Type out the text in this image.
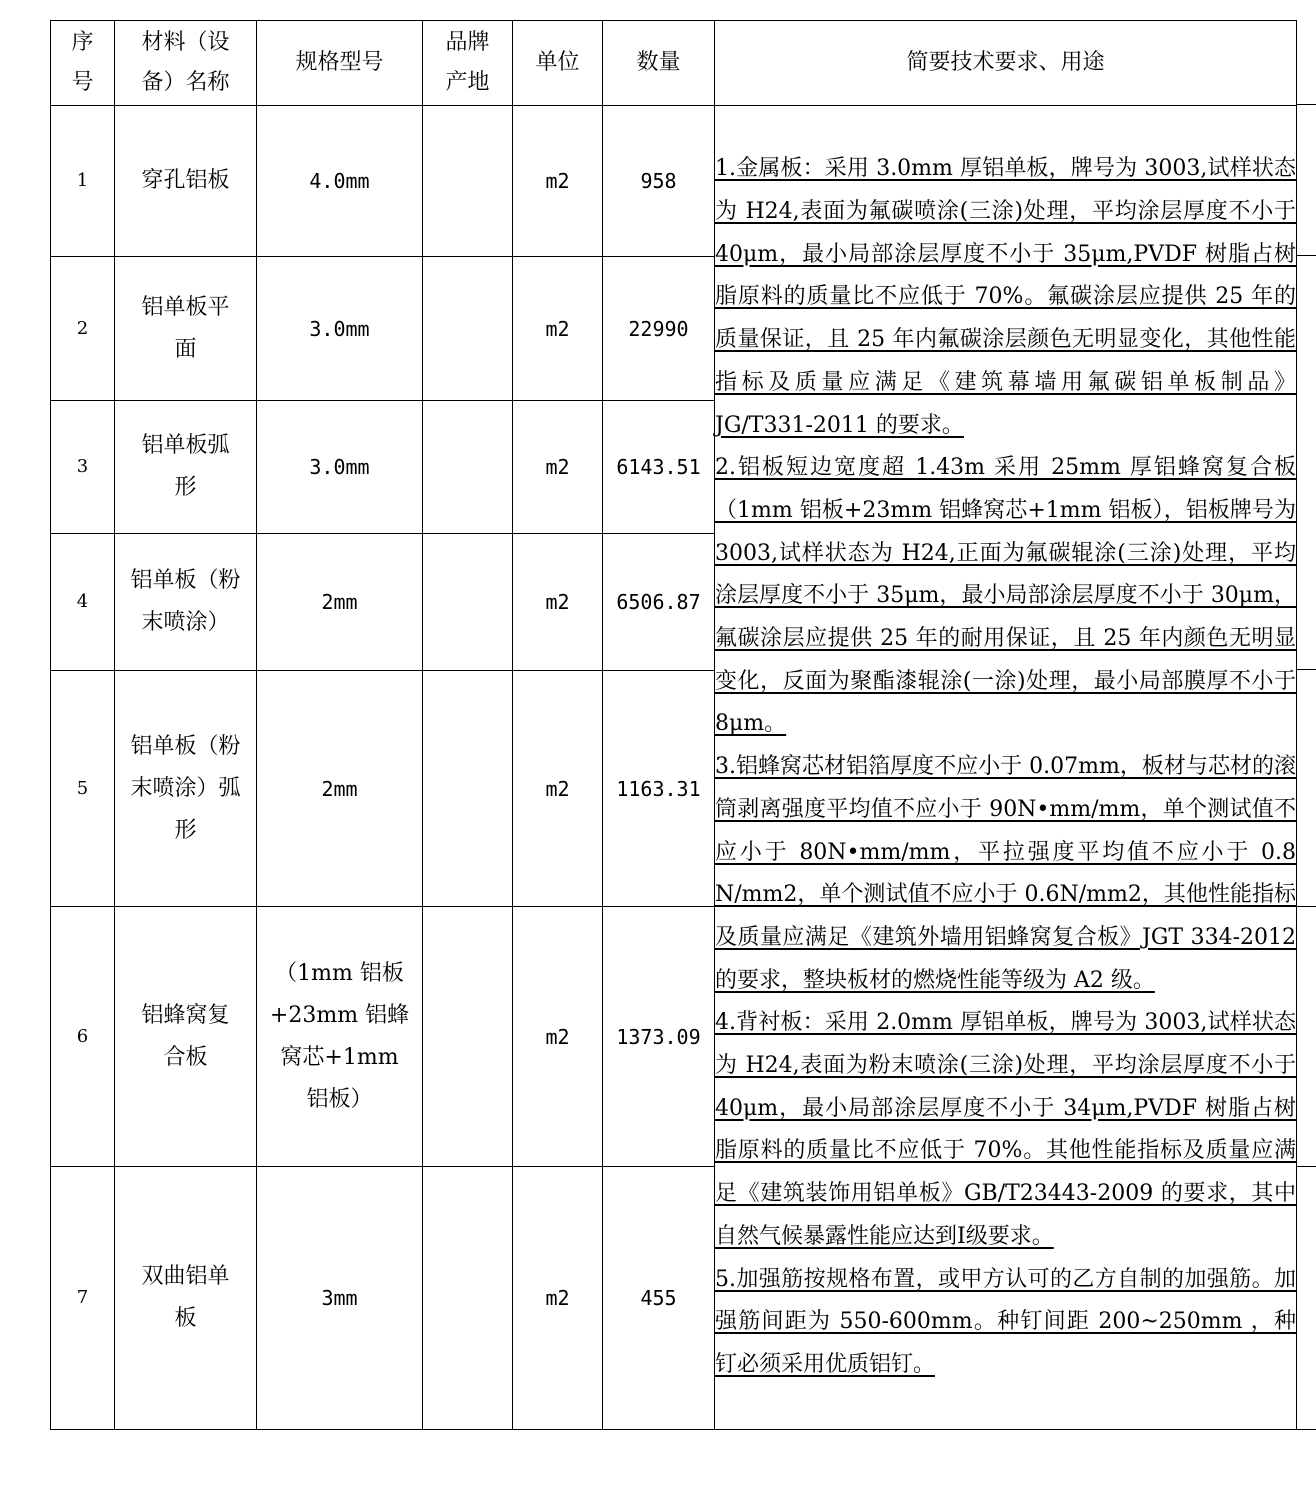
序号	材料（设备）名称	规格型号	品牌产地	单位	数量	简要技术要求、用途
1	穿孔铝板	4.0mm		m2	958	1.金属板：采用 3.0mm 厚铝单板，牌号为 3003,试样状态为 H24,表面为氟碳喷涂(三涂)处理，平均涂层厚度不小于 40μm，最小局部涂层厚度不小于 35μm,PVDF 树脂占树脂原料的质量比不应低于 70%。氟碳涂层应提供 25 年的质量保证，且 25 年内氟碳涂层颜色无明显变化，其他性能指标及质量应满足《建筑幕墙用氟碳铝单板制品》JG/T331-2011 的要求。

2.铝板短边宽度超 1.43m 采用 25mm 厚铝蜂窝复合板（1mm 铝板+23mm 铝蜂窝芯+1mm 铝板），铝板牌号为 3003,试样状态为 H24,正面为氟碳辊涂(三涂)处理，平均涂层厚度不小于 35μm，最小局部涂层厚度不小于 30μm，氟碳涂层应提供 25 年的耐用保证，且 25 年内颜色无明显变化，反面为聚酯漆辊涂(一涂)处理，最小局部膜厚不小于 8μm。

3.铝蜂窝芯材铝箔厚度不应小于 0.07mm，板材与芯材的滚筒剥离强度平均值不应小于 90N•mm/mm，单个测试值不应小于 80N•mm/mm，平拉强度平均值不应小于 0.8 N/mm2，单个测试值不应小于 0.6N/mm2，其他性能指标及质量应满足《建筑外墙用铝蜂窝复合板》JGT 334-2012 的要求，整块板材的燃烧性能等级为 A2 级。

4.背衬板：采用 2.0mm 厚铝单板，牌号为 3003,试样状态为 H24,表面为粉末喷涂(三涂)处理，平均涂层厚度不小于 40μm，最小局部涂层厚度不小于 34μm,PVDF 树脂占树脂原料的质量比不应低于 70%。其他性能指标及质量应满足《建筑装饰用铝单板》GB/T23443-2009 的要求，其中自然气候暴露性能应达到Ⅰ级要求。

5.加强筋按规格布置，或甲方认可的乙方自制的加强筋。加强筋间距为 550-600mm。种钉间距 200~250mm ，种钉必须采用优质铝钉。

2	铝单板平面	3.0mm		m2	22990	
3	铝单板弧形	3.0mm		m2	6143.51	
4	铝单板（粉末喷涂）	2mm		m2	6506.87	
5	铝单板（粉末喷涂）弧形	2mm		m2	1163.31	
6	铝蜂窝复合板	（1mm 铝板+23mm 铝蜂窝芯+1mm 铝板）		m2	1373.09	
7	双曲铝单板	3mm		m2	455	
